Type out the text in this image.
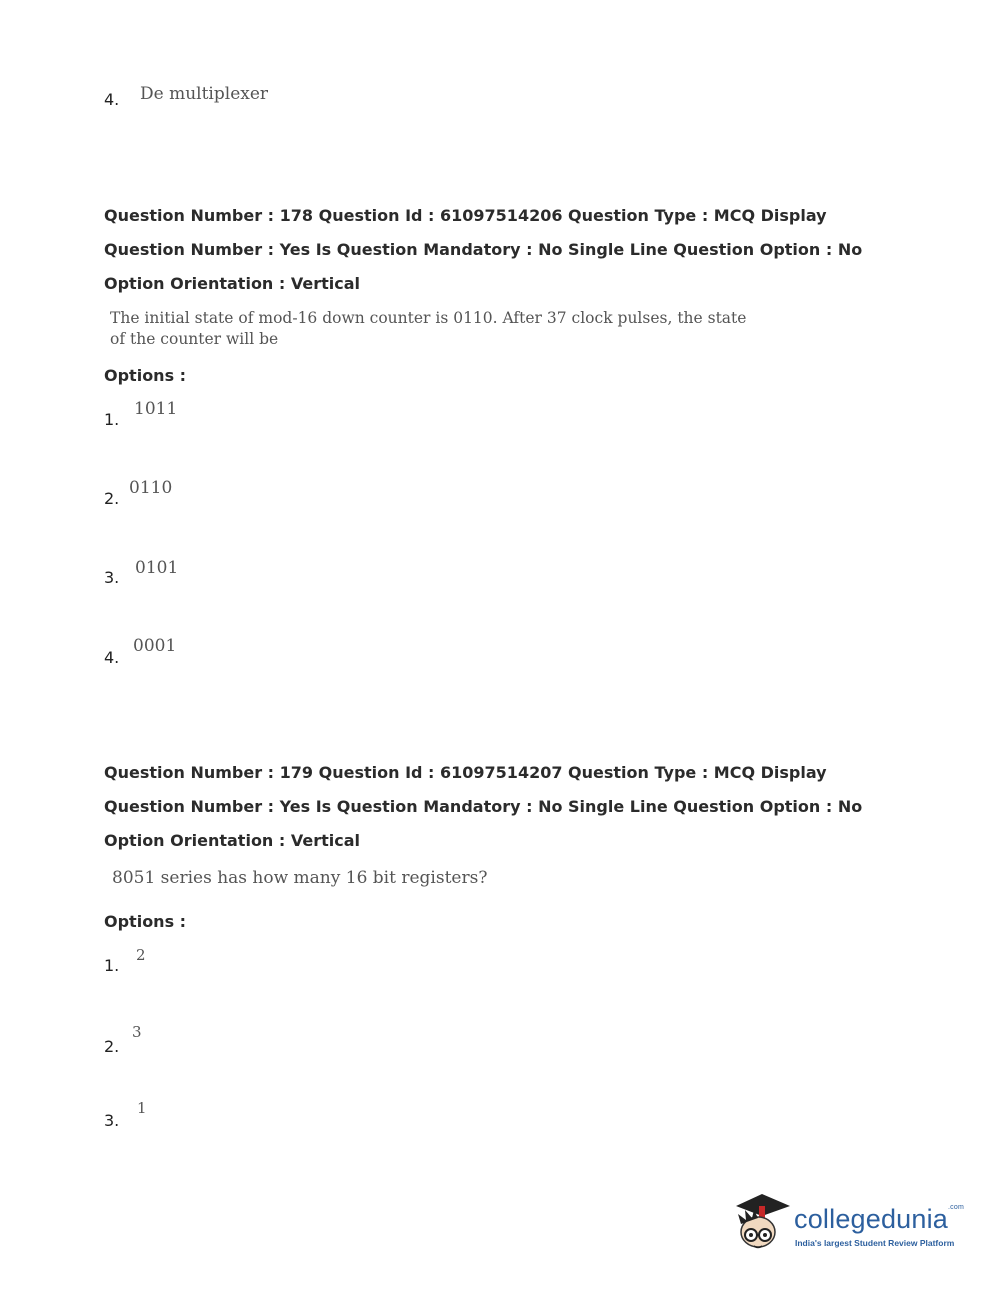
4. De multiplexer
Question Number : 178 Question Id : 61097514206 Question Type : MCQ Display Question Number : Yes Is Question Mandatory : No Single Line Question Option : No Option Orientation : Vertical
The initial state of mod-16 down counter is 0110. After 37 clock pulses, the state of the counter will be
Options :
1.
1011
2.
0110
3. 0101
4.
0001
Question Number : 179 Question Id : 61097514207 Question Type : MCQ Display Question Number : Yes Is Question Mandatory : No Single Line Question Option : No Option Orientation : Vertical
8051 series has how many 16 bit registers?
Options :
1.
2
2.
3
3.
1
collegedunia$^{.com}$
India's largest Student Review Platform
